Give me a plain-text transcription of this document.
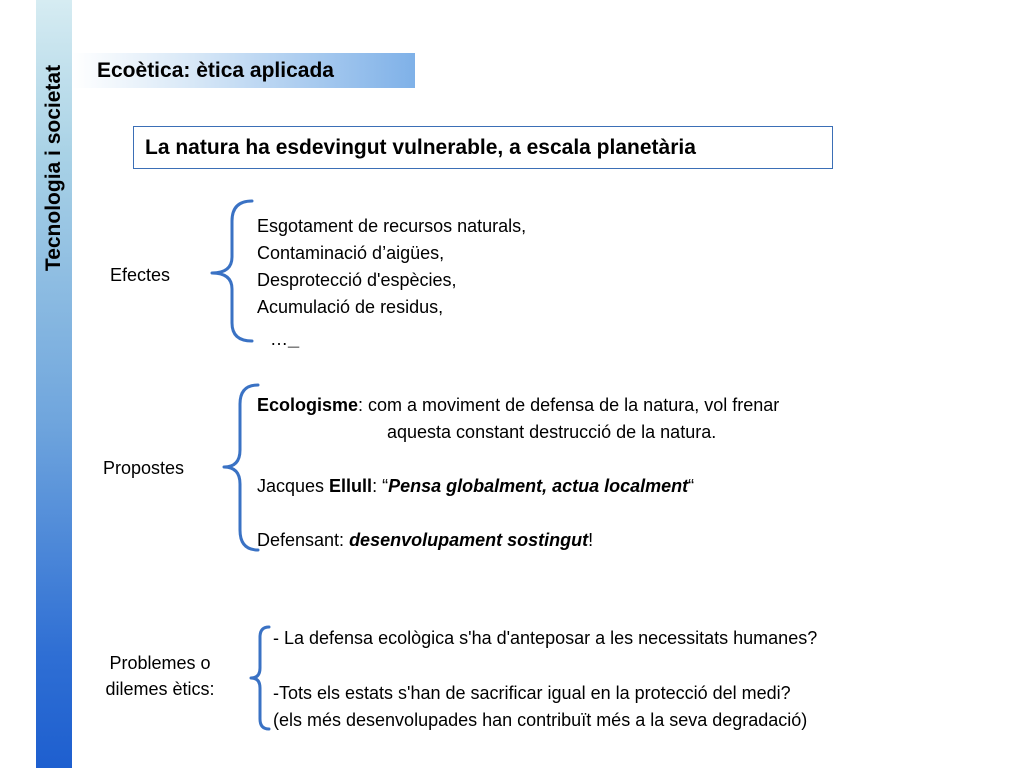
Tecnologia i societat Ecoètica: ètica aplicada
La natura ha esdevingut vulnerable, a escala planetària
Efectes
Esgotament de recursos naturals,
Contaminació d’aigües,
Desprotecció d'espècies,
Acumulació de residus,
…_
Propostes
Ecologisme: com a moviment de defensa de la natura, vol frenar
aquesta constant destrucció de la natura.
Jacques Ellull: “Pensa globalment, actua localment“
Defensant: desenvolupament sostingut!
Problemes o
dilemes ètics:
- La defensa ecològica s'ha d'anteposar a les necessitats humanes?
-Tots els estats s'han de sacrificar igual en la protecció del medi?
(els més desenvolupades han contribuït més a la seva degradació)
